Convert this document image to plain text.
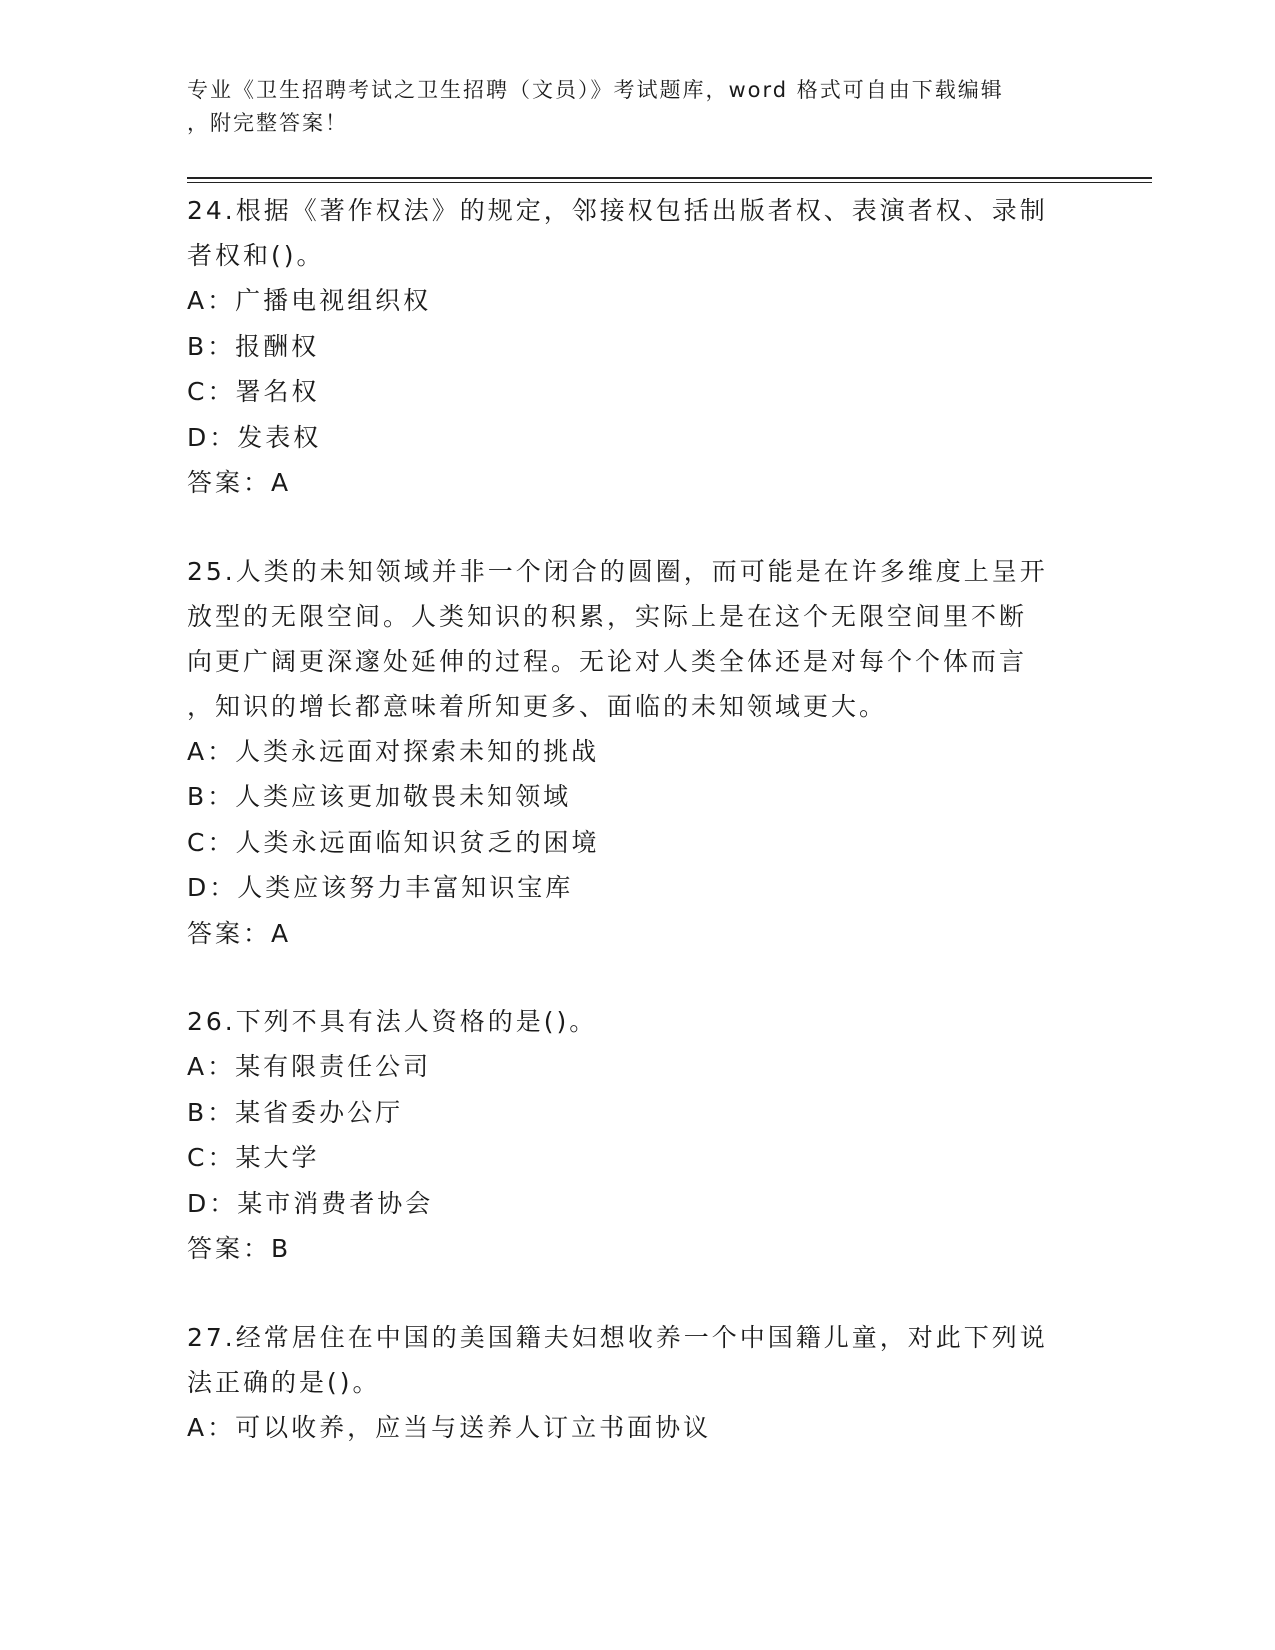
专业《卫生招聘考试之卫生招聘（文员）》考试题库，word 格式可自由下载编辑
，附完整答案！
24.根据《著作权法》的规定，邻接权包括出版者权、表演者权、录制
者权和()。
A：广播电视组织权
B：报酬权
C：署名权
D：发表权
答案：A
25.人类的未知领域并非一个闭合的圆圈，而可能是在许多维度上呈开
放型的无限空间。人类知识的积累，实际上是在这个无限空间里不断
向更广阔更深邃处延伸的过程。无论对人类全体还是对每个个体而言
，知识的增长都意味着所知更多、面临的未知领域更大。
A：人类永远面对探索未知的挑战
B：人类应该更加敬畏未知领域
C：人类永远面临知识贫乏的困境
D：人类应该努力丰富知识宝库
答案：A
26.下列不具有法人资格的是()。
A：某有限责任公司
B：某省委办公厅
C：某大学
D：某市消费者协会
答案：B
27.经常居住在中国的美国籍夫妇想收养一个中国籍儿童，对此下列说
法正确的是()。
A：可以收养，应当与送养人订立书面协议
